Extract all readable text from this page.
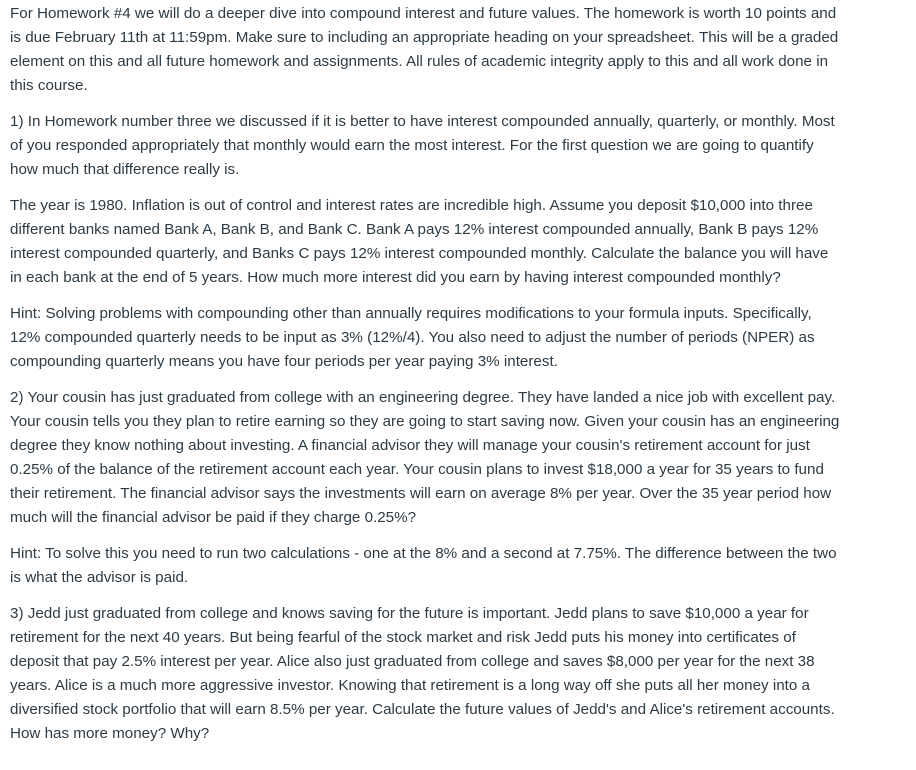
For Homework #4 we will do a deeper dive into compound interest and future values. The homework is worth 10 points and is due February 11th at 11:59pm. Make sure to including an appropriate heading on your spreadsheet. This will be a graded element on this and all future homework and assignments. All rules of academic integrity apply to this and all work done in this course.

1) In Homework number three we discussed if it is better to have interest compounded annually, quarterly, or monthly. Most of you responded appropriately that monthly would earn the most interest. For the first question we are going to quantify how much that difference really is.

The year is 1980. Inflation is out of control and interest rates are incredible high. Assume you deposit $10,000 into three different banks named Bank A, Bank B, and Bank C. Bank A pays 12% interest compounded annually, Bank B pays 12% interest compounded quarterly, and Banks C pays 12% interest compounded monthly. Calculate the balance you will have in each bank at the end of 5 years. How much more interest did you earn by having interest compounded monthly?

Hint: Solving problems with compounding other than annually requires modifications to your formula inputs. Specifically, 12% compounded quarterly needs to be input as 3% (12%/4). You also need to adjust the number of periods (NPER) as compounding quarterly means you have four periods per year paying 3% interest.

2) Your cousin has just graduated from college with an engineering degree. They have landed a nice job with excellent pay. Your cousin tells you they plan to retire earning so they are going to start saving now. Given your cousin has an engineering degree they know nothing about investing. A financial advisor they will manage your cousin's retirement account for just 0.25% of the balance of the retirement account each year. Your cousin plans to invest $18,000 a year for 35 years to fund their retirement. The financial advisor says the investments will earn on average 8% per year. Over the 35 year period how much will the financial advisor be paid if they charge 0.25%?

Hint: To solve this you need to run two calculations - one at the 8% and a second at 7.75%. The difference between the two is what the advisor is paid.

3) Jedd just graduated from college and knows saving for the future is important. Jedd plans to save $10,000 a year for retirement for the next 40 years. But being fearful of the stock market and risk Jedd puts his money into certificates of deposit that pay 2.5% interest per year. Alice also just graduated from college and saves $8,000 per year for the next 38 years. Alice is a much more aggressive investor. Knowing that retirement is a long way off she puts all her money into a diversified stock portfolio that will earn 8.5% per year. Calculate the future values of Jedd's and Alice's retirement accounts. How has more money? Why?
